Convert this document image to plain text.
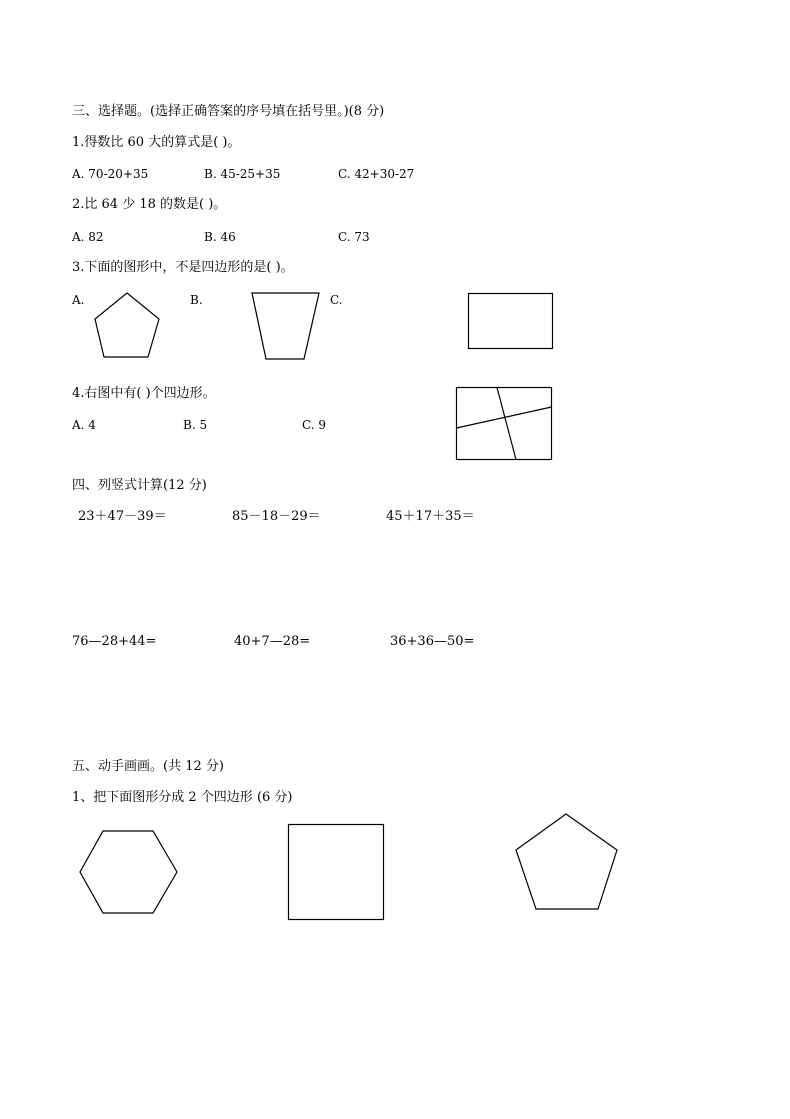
三、选择题。(选择正确答案的序号填在括号里。)(8 分)
1.得数比 60 大的算式是( )。
A. 70-20+35	B. 45-25+35	C. 42+30-27
2.比 64 少 18 的数是( )。
A. 82	B. 46	C. 73
3.下面的图形中，不是四边形的是( )。
A.	B.	C.
4.右图中有( )个四边形。
A. 4	B. 5	C. 9
四、列竖式计算(12 分)
23＋47－39＝	85－18－29＝	45＋17＋35＝
76—28+44=	40+7—28=	36+36—50=
五、动手画画。(共 12 分)
1、把下面图形分成 2 个四边形 (6 分)
